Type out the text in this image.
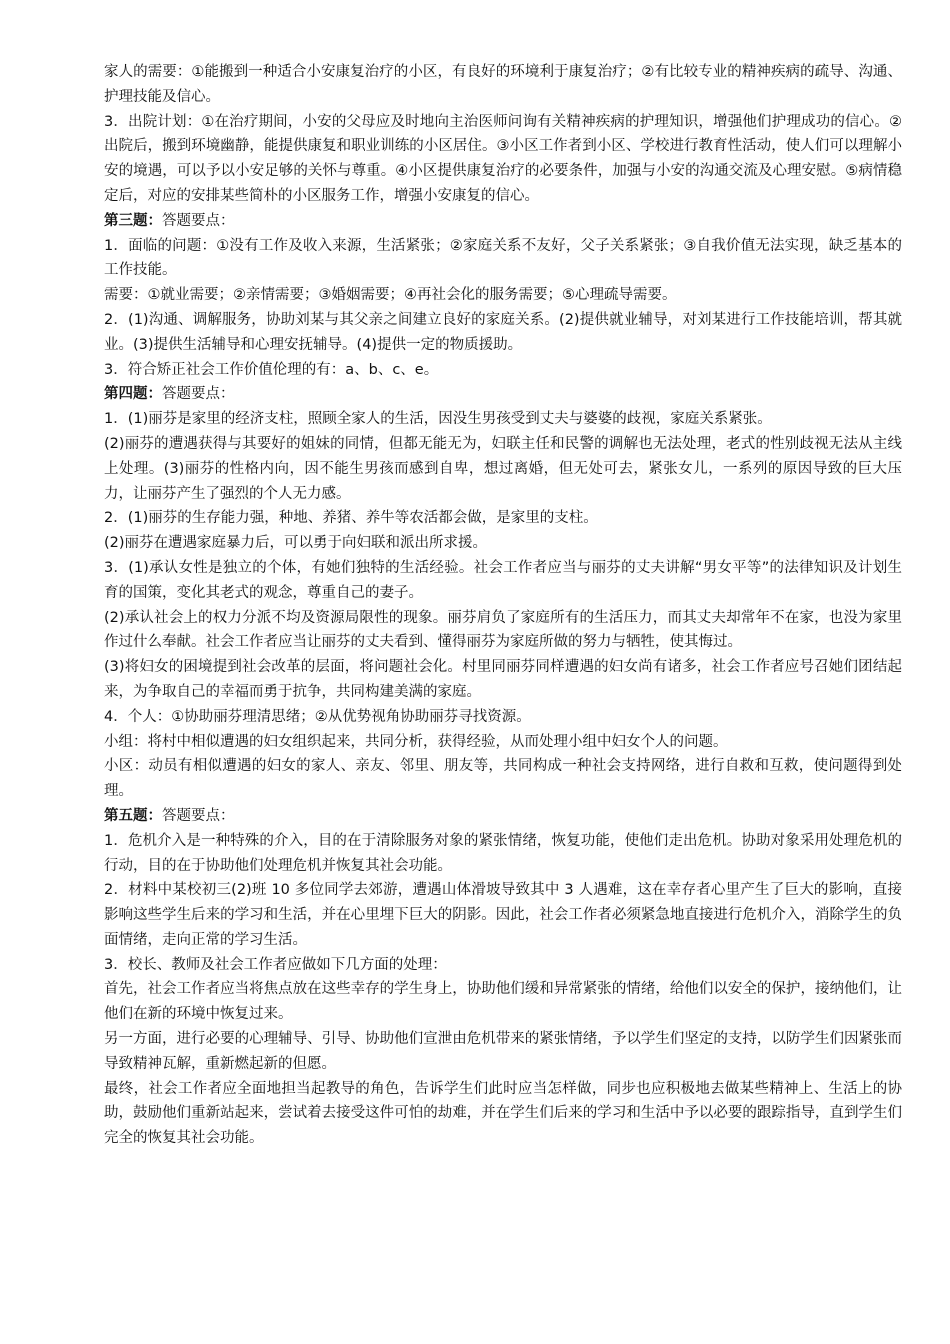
家人的需要：①能搬到一种适合小安康复治疗的小区，有良好的环境利于康复治疗；②有比较专业的精神疾病的疏导、沟通、护理技能及信心。

3．出院计划：①在治疗期间，小安的父母应及时地向主治医师问询有关精神疾病的护理知识，增强他们护理成功的信心。②出院后，搬到环境幽静，能提供康复和职业训练的小区居住。③小区工作者到小区、学校进行教育性活动，使人们可以理解小安的境遇，可以予以小安足够的关怀与尊重。④小区提供康复治疗的必要条件，加强与小安的沟通交流及心理安慰。⑤病情稳定后，对应的安排某些简朴的小区服务工作，增强小安康复的信心。

第三题：答题要点：

1．面临的问题：①没有工作及收入来源，生活紧张；②家庭关系不友好，父子关系紧张；③自我价值无法实现，缺乏基本的工作技能。

需要：①就业需要；②亲情需要；③婚姻需要；④再社会化的服务需要；⑤心理疏导需要。

2．(1)沟通、调解服务，协助刘某与其父亲之间建立良好的家庭关系。(2)提供就业辅导，对刘某进行工作技能培训，帮其就业。(3)提供生活辅导和心理安抚辅导。(4)提供一定的物质援助。

3．符合矫正社会工作价值伦理的有：a、b、c、e。

第四题：答题要点：

1．(1)丽芬是家里的经济支柱，照顾全家人的生活，因没生男孩受到丈夫与婆婆的歧视，家庭关系紧张。

(2)丽芬的遭遇获得与其要好的姐妹的同情，但都无能无为，妇联主任和民警的调解也无法处理，老式的性别歧视无法从主线上处理。(3)丽芬的性格内向，因不能生男孩而感到自卑，想过离婚，但无处可去，紧张女儿，一系列的原因导致的巨大压力，让丽芬产生了强烈的个人无力感。

2．(1)丽芬的生存能力强，种地、养猪、养牛等农活都会做，是家里的支柱。

(2)丽芬在遭遇家庭暴力后，可以勇于向妇联和派出所求援。

3．(1)承认女性是独立的个体，有她们独特的生活经验。社会工作者应当与丽芬的丈夫讲解“男女平等”的法律知识及计划生育的国策，变化其老式的观念，尊重自己的妻子。

(2)承认社会上的权力分派不均及资源局限性的现象。丽芬肩负了家庭所有的生活压力，而其丈夫却常年不在家，也没为家里作过什么奉献。社会工作者应当让丽芬的丈夫看到、懂得丽芬为家庭所做的努力与牺牲，使其悔过。

(3)将妇女的困境提到社会改革的层面，将问题社会化。村里同丽芬同样遭遇的妇女尚有诸多，社会工作者应号召她们团结起来，为争取自己的幸福而勇于抗争，共同构建美满的家庭。

4．个人：①协助丽芬理清思绪；②从优势视角协助丽芬寻找资源。

小组：将村中相似遭遇的妇女组织起来，共同分析，获得经验，从而处理小组中妇女个人的问题。

小区：动员有相似遭遇的妇女的家人、亲友、邻里、朋友等，共同构成一种社会支持网络，进行自救和互救，使问题得到处理。

第五题：答题要点：

1．危机介入是一种特殊的介入，目的在于清除服务对象的紧张情绪，恢复功能，使他们走出危机。协助对象采用处理危机的行动，目的在于协助他们处理危机并恢复其社会功能。

2．材料中某校初三(2)班 10 多位同学去郊游，遭遇山体滑坡导致其中 3 人遇难，这在幸存者心里产生了巨大的影响，直接影响这些学生后来的学习和生活，并在心里埋下巨大的阴影。因此，社会工作者必须紧急地直接进行危机介入，消除学生的负面情绪，走向正常的学习生活。

3．校长、教师及社会工作者应做如下几方面的处理：

首先，社会工作者应当将焦点放在这些幸存的学生身上，协助他们缓和异常紧张的情绪，给他们以安全的保护，接纳他们，让他们在新的环境中恢复过来。

另一方面，进行必要的心理辅导、引导、协助他们宣泄由危机带来的紧张情绪，予以学生们坚定的支持，以防学生们因紧张而导致精神瓦解，重新燃起新的但愿。

最终，社会工作者应全面地担当起教导的角色，告诉学生们此时应当怎样做，同步也应积极地去做某些精神上、生活上的协助，鼓励他们重新站起来，尝试着去接受这件可怕的劫难，并在学生们后来的学习和生活中予以必要的跟踪指导，直到学生们完全的恢复其社会功能。
